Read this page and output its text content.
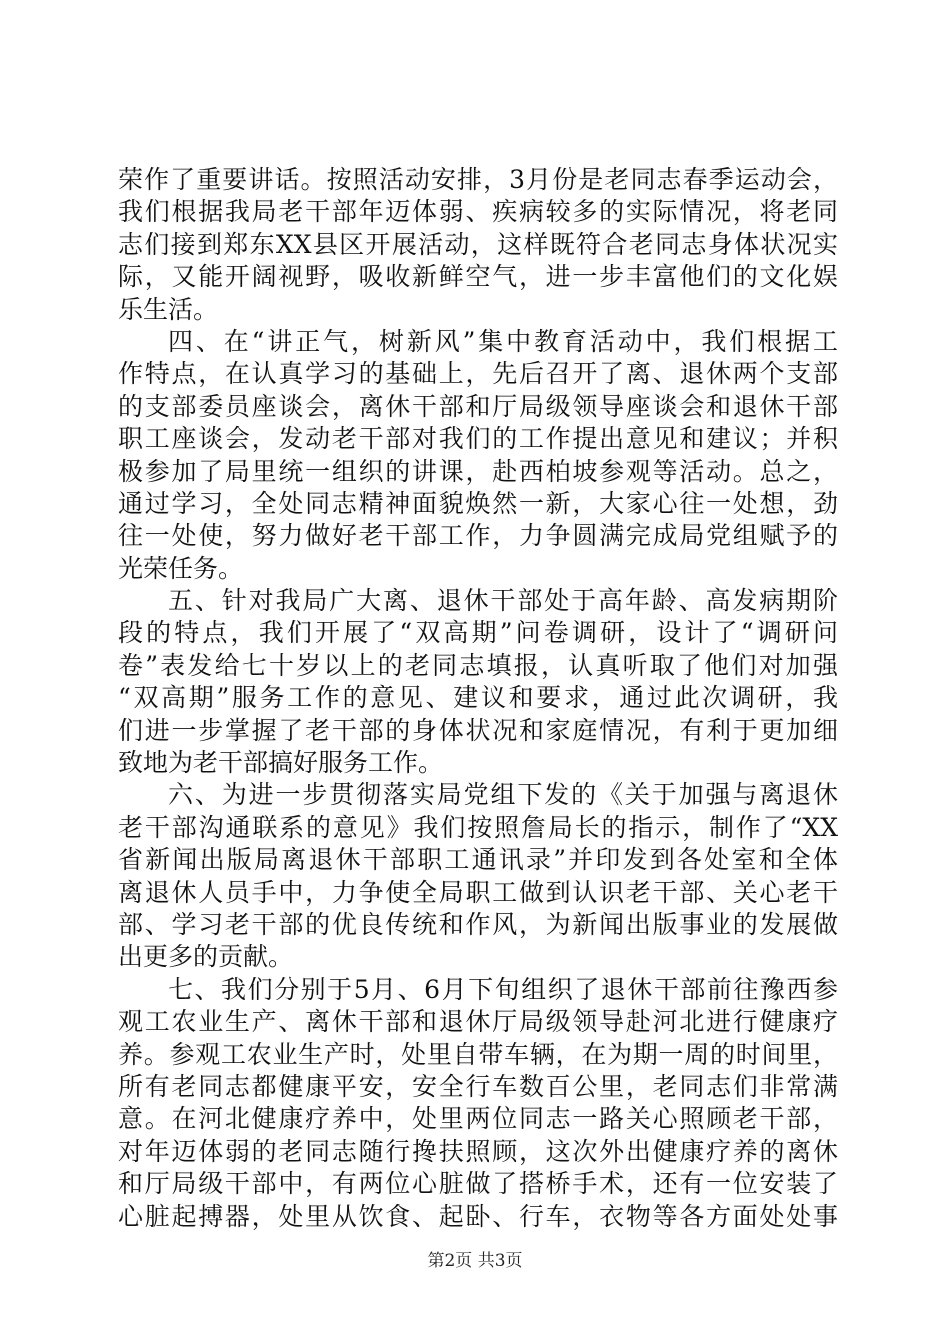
荣作了重要讲话。按照活动安排，3月份是老同志春季运动会，
我们根据我局老干部年迈体弱、疾病较多的实际情况，将老同
志们接到郑东XX县区开展活动，这样既符合老同志身体状况实
际，又能开阔视野，吸收新鲜空气，进一步丰富他们的文化娱
乐生活。
四、在“讲正气，树新风”集中教育活动中，我们根据工
作特点，在认真学习的基础上，先后召开了离、退休两个支部
的支部委员座谈会，离休干部和厅局级领导座谈会和退休干部
职工座谈会，发动老干部对我们的工作提出意见和建议；并积
极参加了局里统一组织的讲课，赴西柏坡参观等活动。总之，
通过学习，全处同志精神面貌焕然一新，大家心往一处想，劲
往一处使，努力做好老干部工作，力争圆满完成局党组赋予的
光荣任务。
五、针对我局广大离、退休干部处于高年龄、高发病期阶
段的特点，我们开展了“双高期”问卷调研，设计了“调研问
卷”表发给七十岁以上的老同志填报，认真听取了他们对加强
“双高期”服务工作的意见、建议和要求，通过此次调研，我
们进一步掌握了老干部的身体状况和家庭情况，有利于更加细
致地为老干部搞好服务工作。
六、为进一步贯彻落实局党组下发的《关于加强与离退休
老干部沟通联系的意见》我们按照詹局长的指示，制作了“XX
省新闻出版局离退休干部职工通讯录”并印发到各处室和全体
离退休人员手中，力争使全局职工做到认识老干部、关心老干
部、学习老干部的优良传统和作风，为新闻出版事业的发展做
出更多的贡献。
七、我们分别于5月、6月下旬组织了退休干部前往豫西参
观工农业生产、离休干部和退休厅局级领导赴河北进行健康疗
养。参观工农业生产时，处里自带车辆，在为期一周的时间里，
所有老同志都健康平安，安全行车数百公里，老同志们非常满
意。在河北健康疗养中，处里两位同志一路关心照顾老干部，
对年迈体弱的老同志随行搀扶照顾，这次外出健康疗养的离休
和厅局级干部中，有两位心脏做了搭桥手术，还有一位安装了
心脏起搏器，处里从饮食、起卧、行车，衣物等各方面处处事
第2页 共3页
